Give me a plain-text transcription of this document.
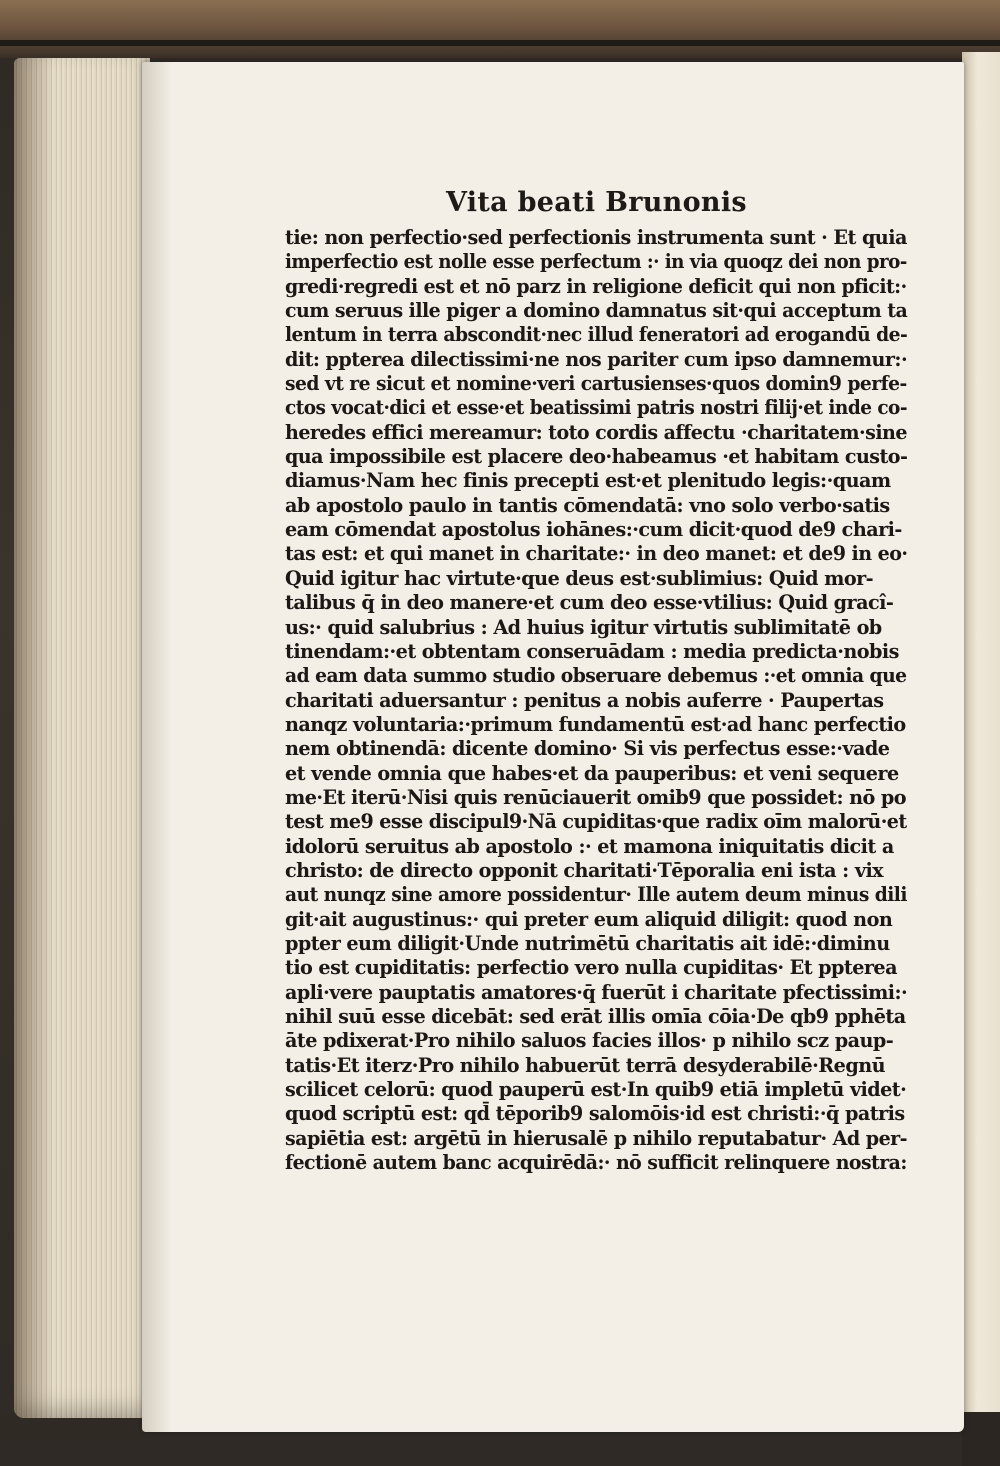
Vita beati Brunonis
tie: non perfectio·sed perfectionis instrumenta sunt · Et quia
imperfectio est nolle esse perfectum :· in via quoqz dei non pro-
gredi·regredi est et nō parz in religione deficit qui non pficit:·
cum seruus ille piger a domino damnatus sit·qui acceptum ta
lentum in terra abscondit·nec illud feneratori ad erogandū de-
dit: ppterea dilectissimi·ne nos pariter cum ipso damnemur:·
sed vt re sicut et nomine·veri cartusienses·quos domin9 perfe-
ctos vocat·dici et esse·et beatissimi patris nostri filij·et inde co-
heredes effici mereamur: toto cordis affectu ·charitatem·sine
qua impossibile est placere deo·habeamus ·et habitam custo-
diamus·Nam hec finis precepti est·et plenitudo legis:·quam
ab apostolo paulo in tantis cōmendatā: vno solo verbo·satis
eam cōmendat apostolus iohānes:·cum dicit·quod de9 chari-
tas est: et qui manet in charitate:· in deo manet: et de9 in eo·
Quid igitur hac virtute·que deus est·sublimius: Quid mor-
talibus q̄ in deo manere·et cum deo esse·vtilius: Quid gracî-
us:· quid salubrius : Ad huius igitur virtutis sublimitatē ob
tinendam:·et obtentam conseruādam : media predicta·nobis
ad eam data summo studio obseruare debemus :·et omnia que
charitati aduersantur : penitus a nobis auferre · Paupertas
nanqz voluntaria:·primum fundamentū est·ad hanc perfectio
nem obtinendā: dicente domino· Si vis perfectus esse:·vade
et vende omnia que habes·et da pauperibus: et veni sequere
me·Et iterū·Nisi quis renūciauerit omib9 que possidet: nō po
test me9 esse discipul9·Nā cupiditas·que radix oīm malorū·et
idolorū seruitus ab apostolo :· et mamona iniquitatis dicit a
christo: de directo opponit charitati·Tēporalia eni ista : vix
aut nunqz sine amore possidentur· Ille autem deum minus dili
git·ait augustinus:· qui preter eum aliquid diligit: quod non
ppter eum diligit·Unde nutrimētū charitatis ait idē:·diminu
tio est cupiditatis: perfectio vero nulla cupiditas· Et ppterea
apli·vere pauptatis amatores·q̄ fuerūt i charitate pfectissimi:·
nihil suū esse dicebāt: sed erāt illis omīa cōia·De qb9 pphēta
āte pdixerat·Pro nihilo saluos facies illos· p nihilo scz paup-
tatis·Et iterz·Pro nihilo habuerūt terrā desyderabilē·Regnū
scilicet celorū: quod pauperū est·In quib9 etiā impletū videt·
quod scriptū est: qd̄ tēporib9 salomōis·id est christi:·q̄ patris
sapiētia est: argētū in hierusalē p nihilo reputabatur· Ad per-
fectionē autem banc acquirēdā:· nō sufficit relinquere nostra:
